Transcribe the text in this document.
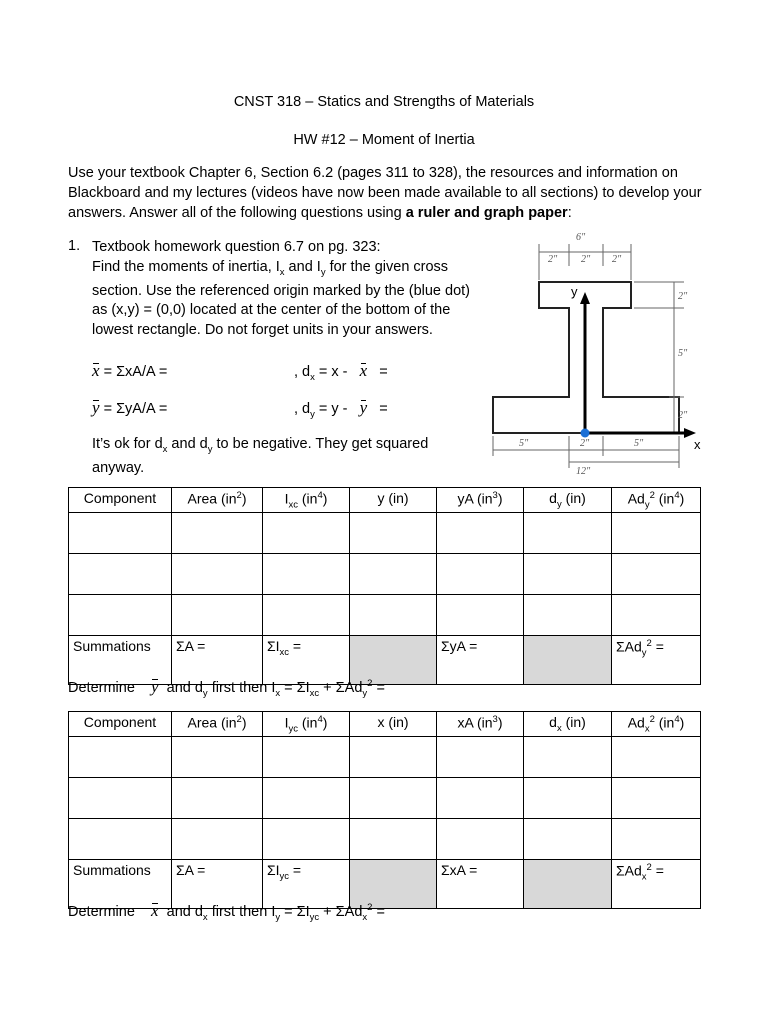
CNST 318 – Statics and Strengths of Materials
HW #12 – Moment of Inertia
Use your textbook Chapter 6, Section 6.2 (pages 311 to 328), the resources and information on Blackboard and my lectures (videos have now been made available to all sections) to develop your answers. Answer all of the following questions using a ruler and graph paper:
1. Textbook homework question 6.7 on pg. 323:
Find the moments of inertia, $I_x$ and $I_y$ for the given cross section. Use the referenced origin marked by the (blue dot) as (x,y) = (0,0) located at the center of the bottom of the lowest rectangle. Do not forget units in your answers.
x = ΣxA/A =	, $d_x = x - x$   =
y = ΣyA/A =	, $d_y = y - y$   =
It’s ok for $d_x$ and $d_y$ to be negative. They get squared anyway.
y
x
6"
2" 2" 2"
2"
5"
2"
5"	2"	5"
12"
Component	Area $(in^2)$	$I_{xc}$ $(in^4)$	y (in)	yA $(in^3)$	$d_y$ (in)	$Ad_y^2$ $(in^4)$

Summations	ΣA =	$\Sigma I_{xc}$ =		ΣyA =		ΣAd$_y^2$ =
Determine y and $d_y$ first then $I_x = \Sigma I_{xc} + \Sigma Ad_y^2$ =
Component	Area $(in^2)$	$I_{yc}$ $(in^4)$	x (in)	xA $(in^3)$	$d_x$ (in)	$Ad_x^2$ $(in^4)$

Summations	ΣA =	$\Sigma I_{yc}$ =		ΣxA =		ΣAd$_x^2$ =
Determine x and $d_x$ first then $I_y = \Sigma I_{yc} + \Sigma Ad_x^2$ =
